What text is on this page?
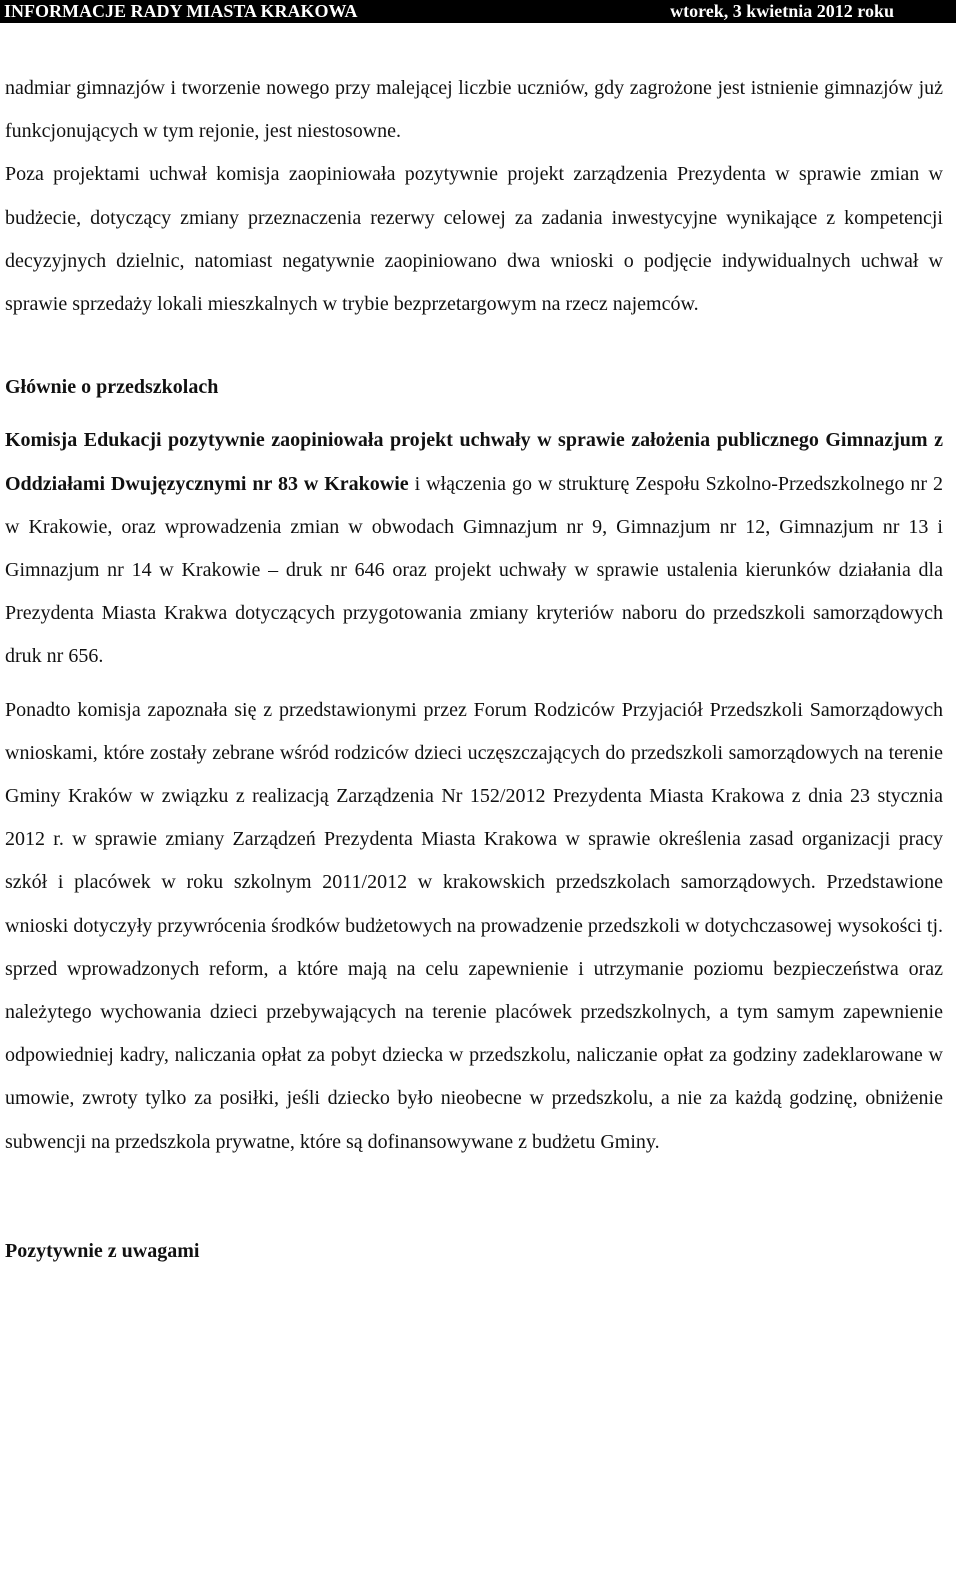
INFORMACJE RADY MIASTA KRAKOWA	wtorek, 3 kwietnia 2012 roku

nadmiar gimnazjów i tworzenie nowego przy malejącej liczbie uczniów, gdy zagrożone jest istnienie gimnazjów już funkcjonujących w tym rejonie, jest niestosowne.

Poza projektami uchwał komisja zaopiniowała pozytywnie projekt zarządzenia Prezydenta w sprawie zmian w budżecie, dotyczący zmiany przeznaczenia rezerwy celowej za zadania inwestycyjne wynikające z kompetencji decyzyjnych dzielnic, natomiast negatywnie zaopiniowano dwa wnioski o podjęcie indywidualnych uchwał w sprawie sprzedaży lokali mieszkalnych w trybie bezprzetargowym na rzecz najemców.

Głównie o przedszkolach

Komisja Edukacji pozytywnie zaopiniowała projekt uchwały w sprawie założenia publicznego Gimnazjum z Oddziałami Dwujęzycznymi nr 83 w Krakowie i włączenia go w strukturę Zespołu Szkolno-Przedszkolnego nr 2 w Krakowie, oraz wprowadzenia zmian w obwodach Gimnazjum nr 9, Gimnazjum nr 12, Gimnazjum nr 13 i Gimnazjum nr 14 w Krakowie – druk nr 646 oraz projekt uchwały w sprawie ustalenia kierunków działania dla Prezydenta Miasta Krakwa dotyczących przygotowania zmiany kryteriów naboru do przedszkoli samorządowych druk nr 656.

Ponadto komisja zapoznała się z przedstawionymi przez Forum Rodziców Przyjaciół Przedszkoli Samorządowych wnioskami, które zostały zebrane wśród rodziców dzieci uczęszczających do przedszkoli samorządowych na terenie Gminy Kraków w związku z realizacją Zarządzenia Nr 152/2012 Prezydenta Miasta Krakowa z dnia 23 stycznia 2012 r. w sprawie zmiany Zarządzeń Prezydenta Miasta Krakowa w sprawie określenia zasad organizacji pracy szkół i placówek w roku szkolnym 2011/2012 w krakowskich przedszkolach samorządowych. Przedstawione wnioski dotyczyły przywrócenia środków budżetowych na prowadzenie przedszkoli w dotychczasowej wysokości tj. sprzed wprowadzonych reform, a które mają na celu zapewnienie i utrzymanie poziomu bezpieczeństwa oraz należytego wychowania dzieci przebywających na terenie placówek przedszkolnych, a tym samym zapewnienie odpowiedniej kadry, naliczania opłat za pobyt dziecka w przedszkolu, naliczanie opłat za godziny zadeklarowane w umowie, zwroty tylko za posiłki, jeśli dziecko było nieobecne w przedszkolu, a nie za każdą godzinę, obniżenie subwencji na przedszkola prywatne, które są dofinansowywane z budżetu Gminy.

Pozytywnie z uwagami
